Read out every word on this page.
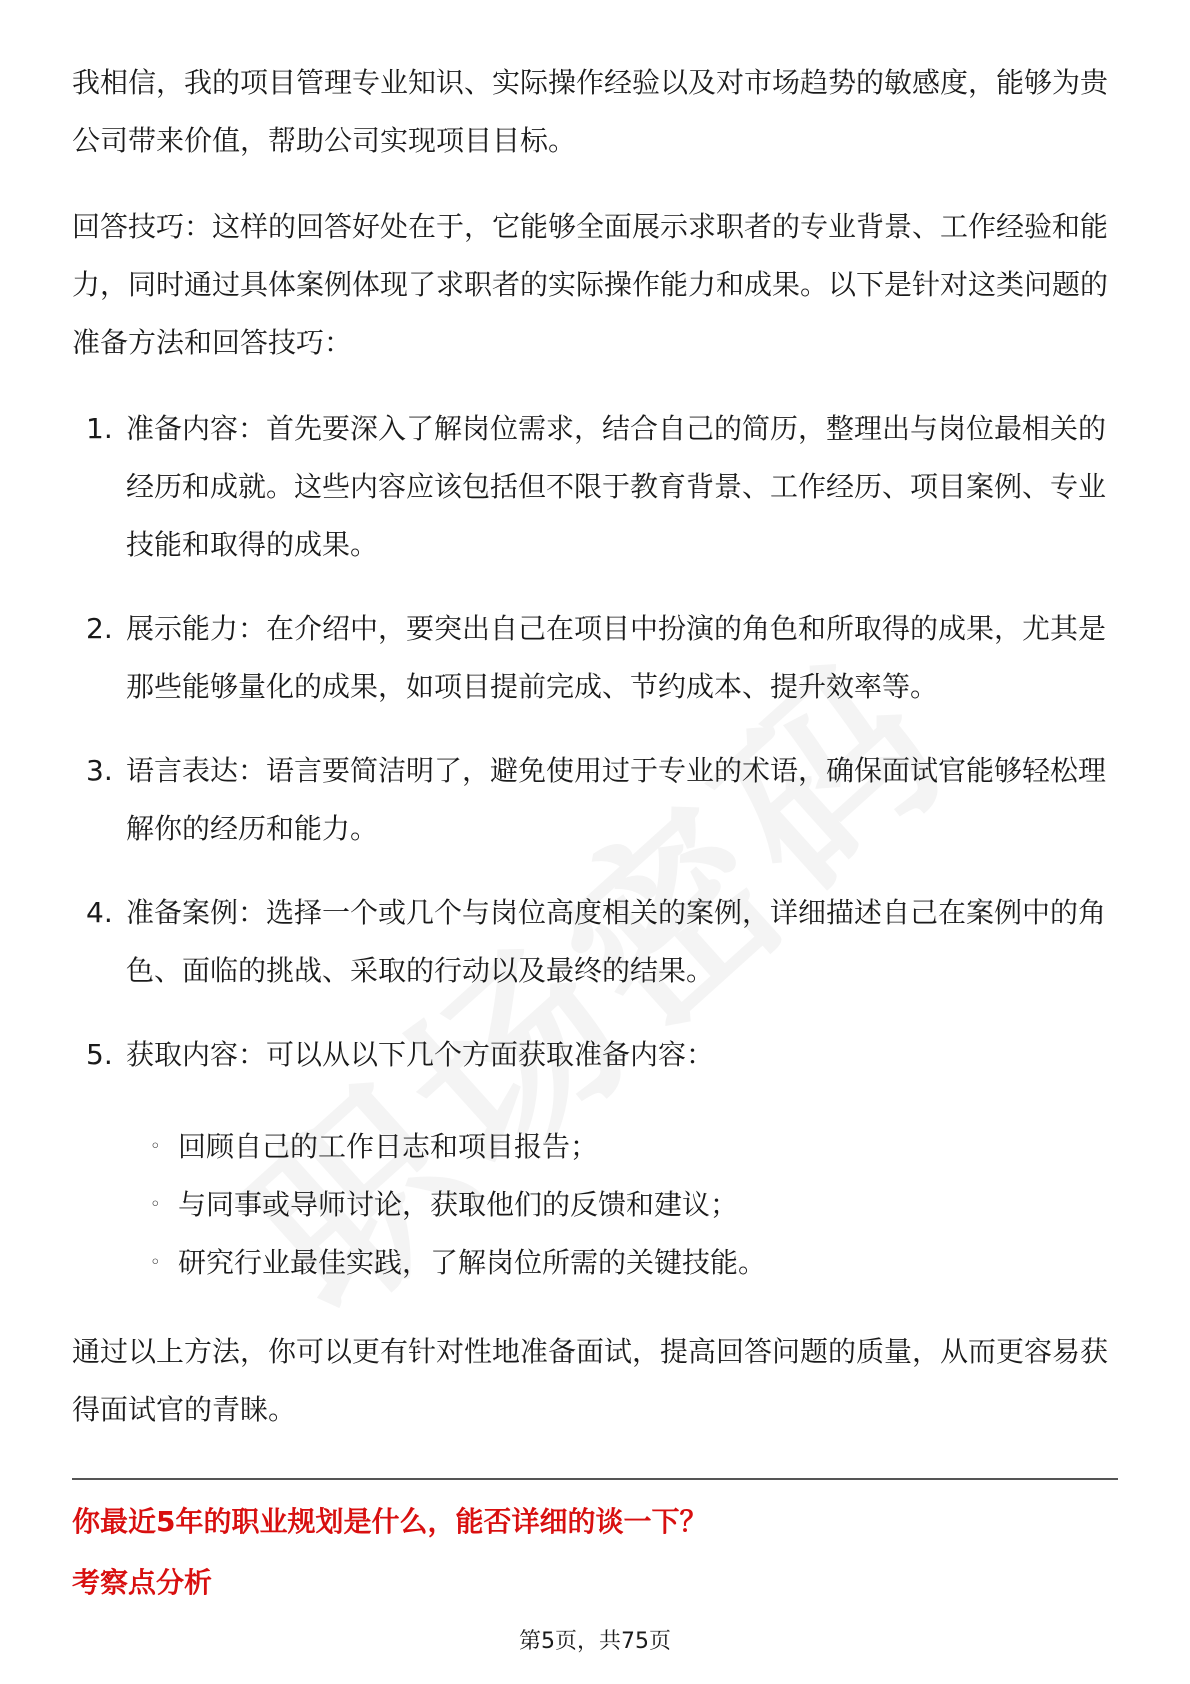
我相信，我的项目管理专业知识、实际操作经验以及对市场趋势的敏感度，能够为贵公司带来价值，帮助公司实现项目目标。

回答技巧：这样的回答好处在于，它能够全面展示求职者的专业背景、工作经验和能力，同时通过具体案例体现了求职者的实际操作能力和成果。以下是针对这类问题的准备方法和回答技巧：

1. 准备内容：首先要深入了解岗位需求，结合自己的简历，整理出与岗位最相关的经历和成就。这些内容应该包括但不限于教育背景、工作经历、项目案例、专业技能和取得的成果。
2. 展示能力：在介绍中，要突出自己在项目中扮演的角色和所取得的成果，尤其是那些能够量化的成果，如项目提前完成、节约成本、提升效率等。
3. 语言表达：语言要简洁明了，避免使用过于专业的术语，确保面试官能够轻松理解你的经历和能力。
4. 准备案例：选择一个或几个与岗位高度相关的案例，详细描述自己在案例中的角色、面临的挑战、采取的行动以及最终的结果。
5. 获取内容：可以从以下几个方面获取准备内容：
◦ 回顾自己的工作日志和项目报告；
◦ 与同事或导师讨论，获取他们的反馈和建议；
◦ 研究行业最佳实践，了解岗位所需的关键技能。

通过以上方法，你可以更有针对性地准备面试，提高回答问题的质量，从而更容易获得面试官的青睐。

你最近5年的职业规划是什么，能否详细的谈一下？
考察点分析
第5页，共75页
